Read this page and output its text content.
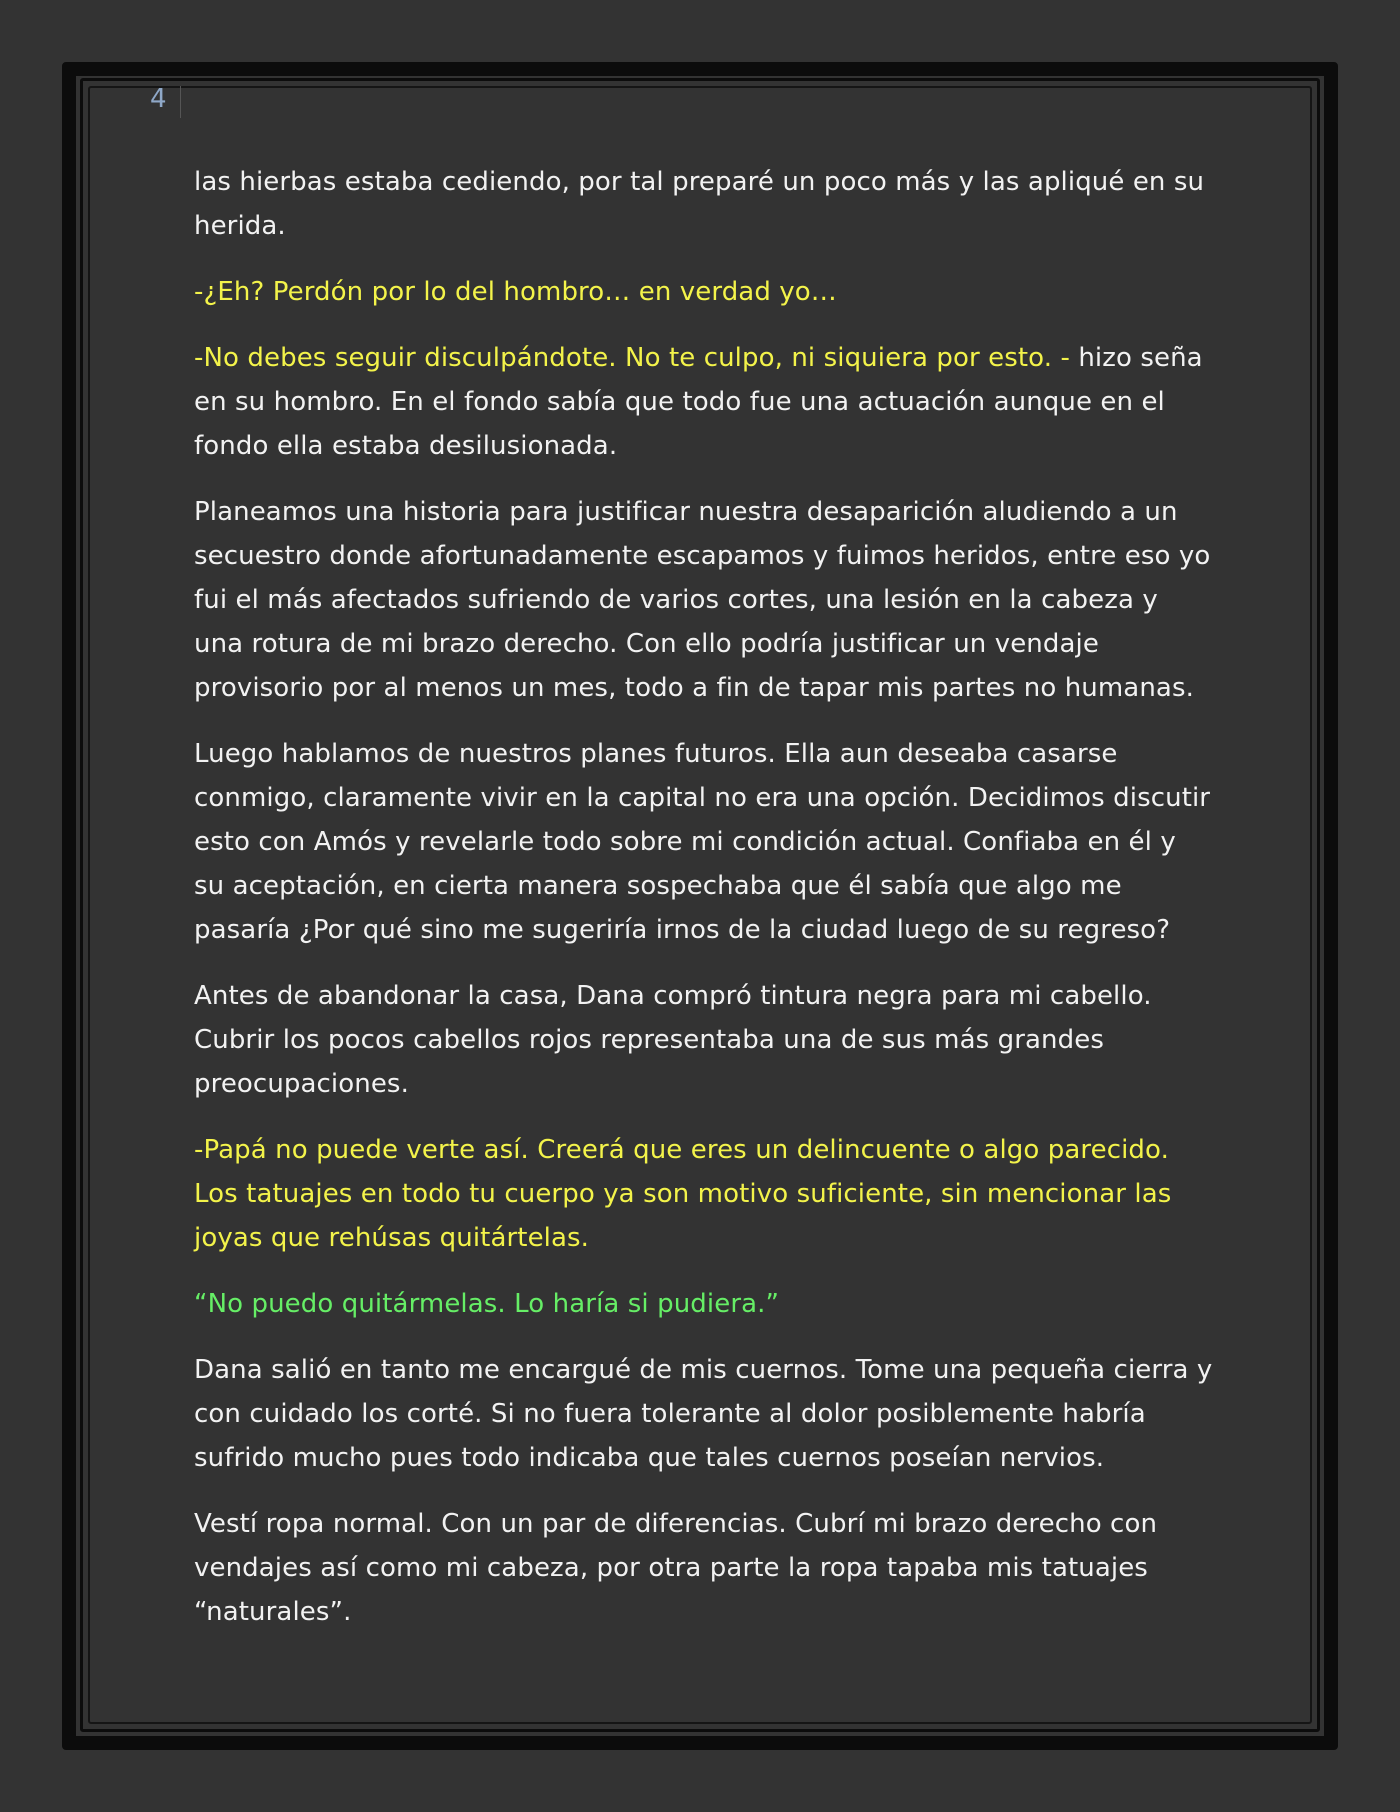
4

las hierbas estaba cediendo, por tal preparé un poco más y las apliqué en su herida.

-¿Eh? Perdón por lo del hombro… en verdad yo…

-No debes seguir disculpándote. No te culpo, ni siquiera por esto. - hizo seña en su hombro. En el fondo sabía que todo fue una actuación aunque en el fondo ella estaba desilusionada.

Planeamos una historia para justificar nuestra desaparición aludiendo a un secuestro donde afortunadamente escapamos y fuimos heridos, entre eso yo fui el más afectados sufriendo de varios cortes, una lesión en la cabeza y una rotura de mi brazo derecho. Con ello podría justificar un vendaje provisorio por al menos un mes, todo a fin de tapar mis partes no humanas.

Luego hablamos de nuestros planes futuros. Ella aun deseaba casarse conmigo, claramente vivir en la capital no era una opción. Decidimos discutir esto con Amós y revelarle todo sobre mi condición actual. Confiaba en él y su aceptación, en cierta manera sospechaba que él sabía que algo me pasaría ¿Por qué sino me sugeriría irnos de la ciudad luego de su regreso?

Antes de abandonar la casa, Dana compró tintura negra para mi cabello. Cubrir los pocos cabellos rojos representaba una de sus más grandes preocupaciones.

-Papá no puede verte así. Creerá que eres un delincuente o algo parecido. Los tatuajes en todo tu cuerpo ya son motivo suficiente, sin mencionar las joyas que rehúsas quitártelas.

“No puedo quitármelas. Lo haría si pudiera.”

Dana salió en tanto me encargué de mis cuernos. Tome una pequeña cierra y con cuidado los corté. Si no fuera tolerante al dolor posiblemente habría sufrido mucho pues todo indicaba que tales cuernos poseían nervios.

Vestí ropa normal. Con un par de diferencias. Cubrí mi brazo derecho con vendajes así como mi cabeza, por otra parte la ropa tapaba mis tatuajes “naturales”.
